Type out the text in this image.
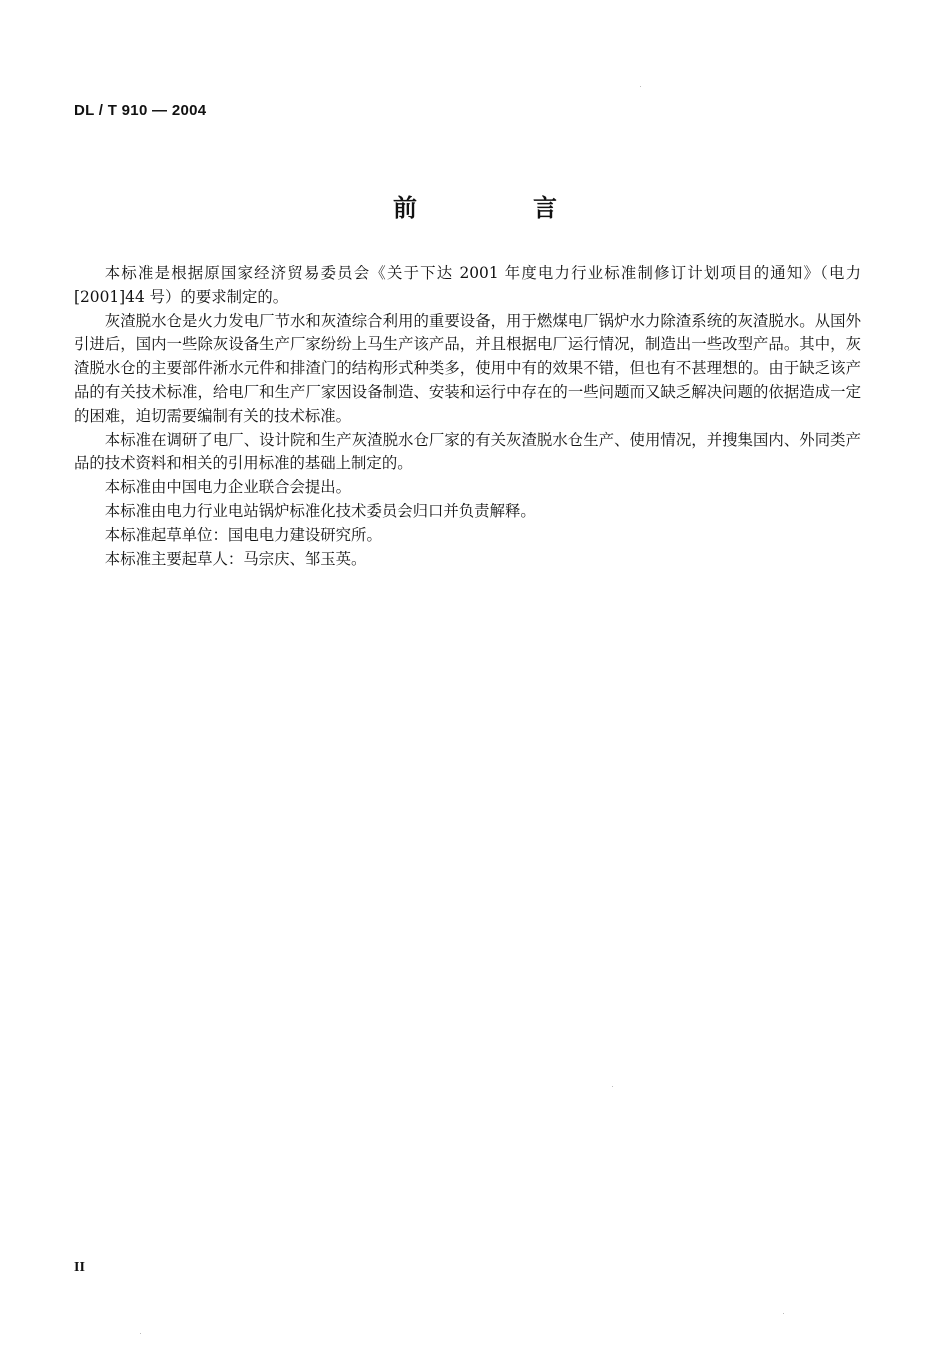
DL / T 910 — 2004
前　言

本标准是根据原国家经济贸易委员会《关于下达 2001 年度电力行业标准制修订计划项目的通知》（电力[2001]44 号）的要求制定的。

灰渣脱水仓是火力发电厂节水和灰渣综合利用的重要设备，用于燃煤电厂锅炉水力除渣系统的灰渣脱水。从国外引进后，国内一些除灰设备生产厂家纷纷上马生产该产品，并且根据电厂运行情况，制造出一些改型产品。其中，灰渣脱水仓的主要部件淅水元件和排渣门的结构形式种类多，使用中有的效果不错，但也有不甚理想的。由于缺乏该产品的有关技术标准，给电厂和生产厂家因设备制造、安装和运行中存在的一些问题而又缺乏解决问题的依据造成一定的困难，迫切需要编制有关的技术标准。

本标准在调研了电厂、设计院和生产灰渣脱水仓厂家的有关灰渣脱水仓生产、使用情况，并搜集国内、外同类产品的技术资料和相关的引用标准的基础上制定的。

本标准由中国电力企业联合会提出。

本标准由电力行业电站锅炉标准化技术委员会归口并负责解释。

本标准起草单位：国电电力建设研究所。

本标准主要起草人：马宗庆、邹玉英。

II
